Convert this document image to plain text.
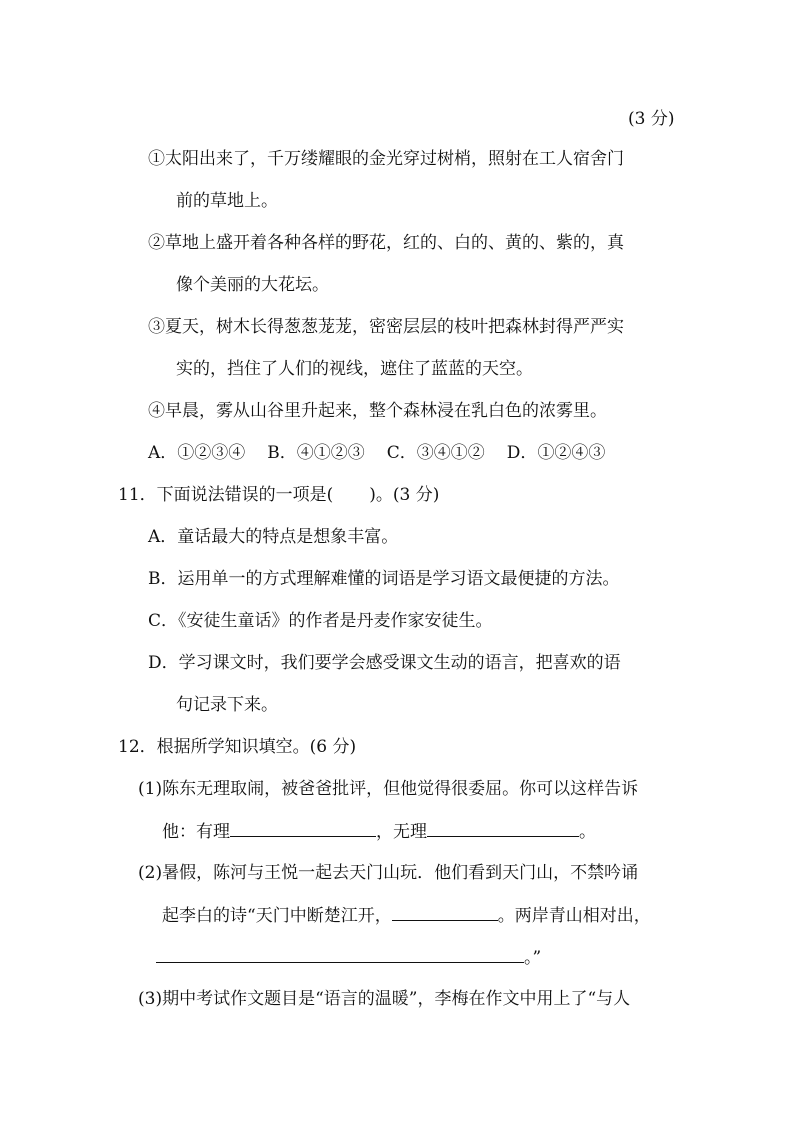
(3 分)
①太阳出来了，千万缕耀眼的金光穿过树梢，照射在工人宿舍门
前的草地上。
②草地上盛开着各种各样的野花，红的、白的、黄的、紫的，真
像个美丽的大花坛。
③夏天，树木长得葱葱茏茏，密密层层的枝叶把森林封得严严实
实的，挡住了人们的视线，遮住了蓝蓝的天空。
④早晨，雾从山谷里升起来，整个森林浸在乳白色的浓雾里。
A．①②③④ B．④①②③ C．③④①② D．①②④③
11．下面说法错误的一项是( )。(3 分)
A．童话最大的特点是想象丰富。
B．运用单一的方式理解难懂的词语是学习语文最便捷的方法。
C．《安徒生童话》的作者是丹麦作家安徒生。
D．学习课文时，我们要学会感受课文生动的语言，把喜欢的语
句记录下来。
12．根据所学知识填空。(6 分)
(1)陈东无理取闹，被爸爸批评，但他觉得很委屈。你可以这样告诉
他：有理	，无理	。
(2)暑假，陈河与王悦一起去天门山玩．他们看到天门山，不禁吟诵
起李白的诗“天门中断楚江开，	。两岸青山相对出，
。”
(3)期中考试作文题目是“语言的温暖”，李梅在作文中用上了“与人
